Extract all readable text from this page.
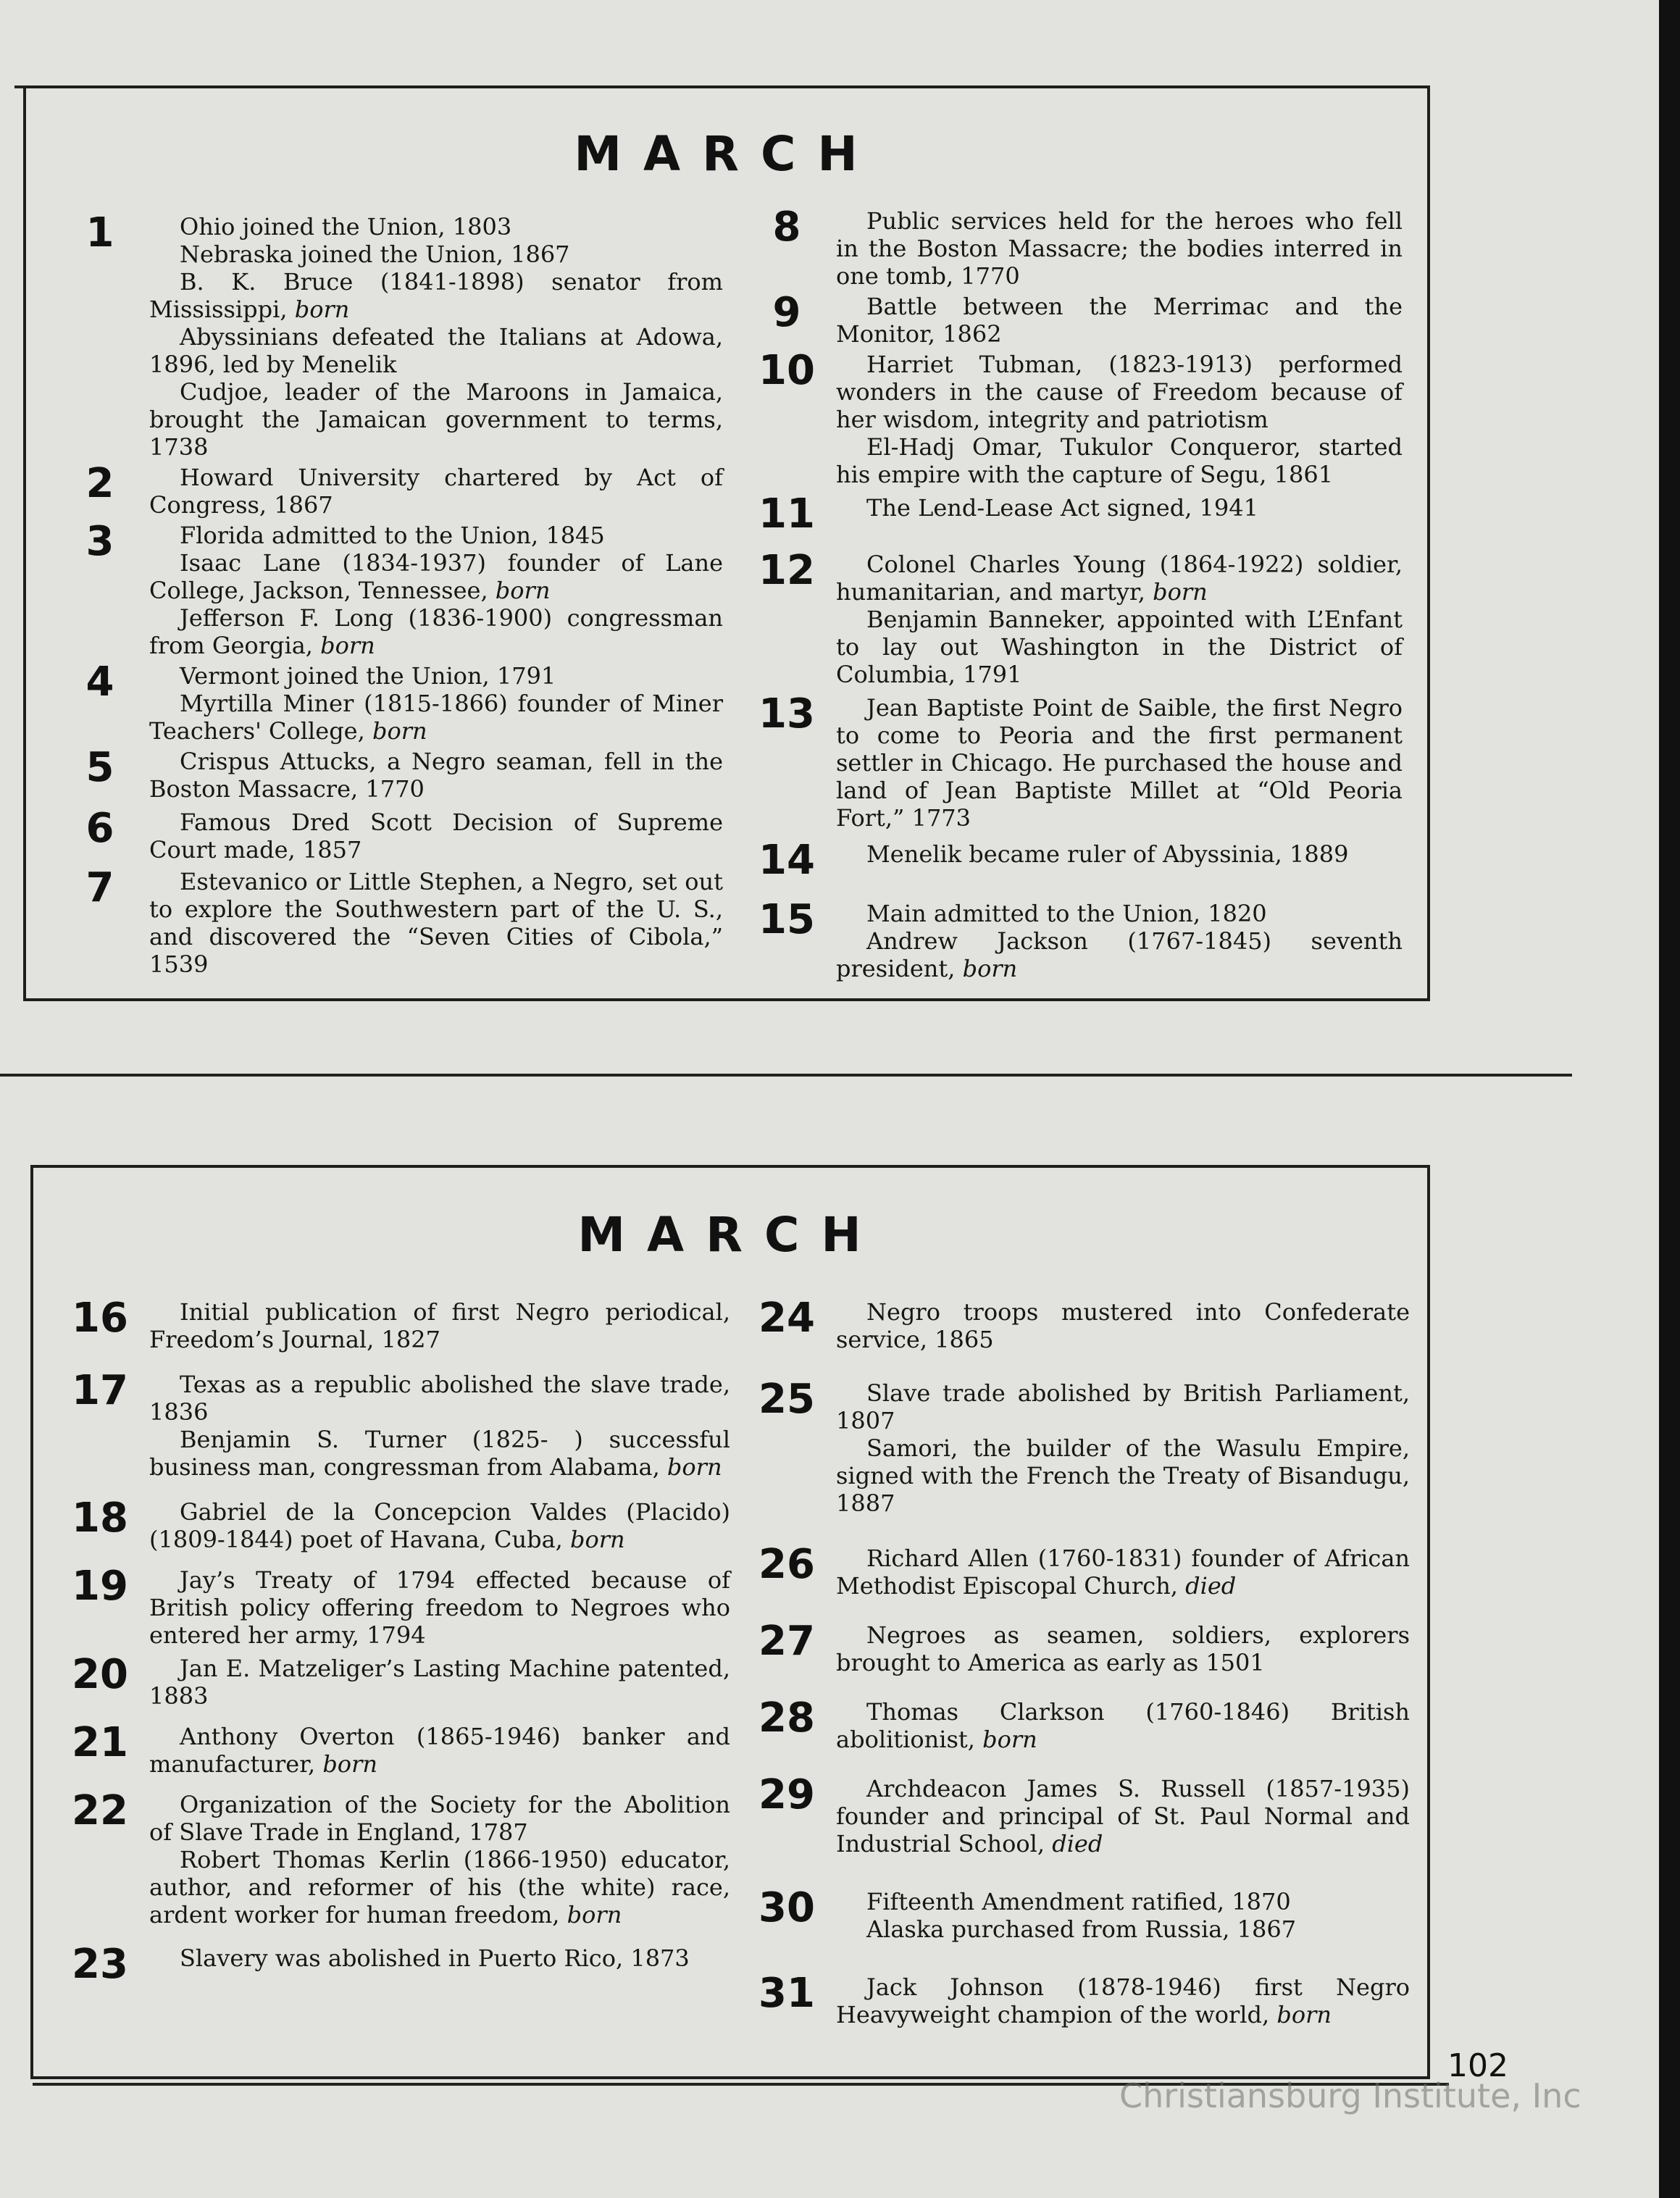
MARCH
1	Ohio joined the Union, 1803

Nebraska joined the Union, 1867

B. K. Bruce (1841-1898) senator from Mississippi, born

Abyssinians defeated the Italians at Adowa, 1896, led by Menelik

Cudjoe, leader of the Maroons in Jamaica, brought the Jamaican government to terms, 1738

2	Howard University chartered by Act of Congress, 1867

3	Florida admitted to the Union, 1845

Isaac Lane (1834-1937) founder of Lane College, Jackson, Tennessee, born

Jefferson F. Long (1836-1900) congressman from Georgia, born

4	Vermont joined the Union, 1791

Myrtilla Miner (1815-1866) founder of Miner Teachers' College, born

5	Crispus Attucks, a Negro seaman, fell in the Boston Massacre, 1770

6	Famous Dred Scott Decision of Supreme Court made, 1857

7	Estevanico or Little Stephen, a Negro, set out to explore the Southwestern part of the U. S., and discovered the “Seven Cities of Cibola,” 1539

8	Public services held for the heroes who fell in the Boston Massacre; the bodies interred in one tomb, 1770

9	Battle between the Merrimac and the Monitor, 1862

10	Harriet Tubman, (1823-1913) performed wonders in the cause of Freedom because of her wisdom, integrity and patriotism

El-Hadj Omar, Tukulor Conqueror, started his empire with the capture of Segu, 1861

11	The Lend-Lease Act signed, 1941

12	Colonel Charles Young (1864-1922) soldier, humanitarian, and martyr, born

Benjamin Banneker, appointed with L’Enfant to lay out Washington in the District of Columbia, 1791

13	Jean Baptiste Point de Saible, the first Negro to come to Peoria and the first permanent settler in Chicago. He purchased the house and land of Jean Baptiste Millet at “Old Peoria Fort,” 1773

14	Menelik became ruler of Abyssinia, 1889

15	Main admitted to the Union, 1820

Andrew Jackson (1767-1845) seventh president, born

MARCH
16	Initial publication of first Negro periodical, Freedom’s Journal, 1827

17	Texas as a republic abolished the slave trade, 1836

Benjamin S. Turner (1825- ) successful business man, congressman from Alabama, born

18	Gabriel de la Concepcion Valdes (Placido) (1809-1844) poet of Havana, Cuba, born

19	Jay’s Treaty of 1794 effected because of British policy offering freedom to Negroes who entered her army, 1794

20	Jan E. Matzeliger’s Lasting Machine patented, 1883

21	Anthony Overton (1865-1946) banker and manufacturer, born

22	Organization of the Society for the Abolition of Slave Trade in England, 1787

Robert Thomas Kerlin (1866-1950) educator, author, and reformer of his (the white) race, ardent worker for human freedom, born

23	Slavery was abolished in Puerto Rico, 1873

24	Negro troops mustered into Confederate service, 1865

25	Slave trade abolished by British Parliament, 1807

Samori, the builder of the Wasulu Empire, signed with the French the Treaty of Bisandugu, 1887

26	Richard Allen (1760-1831) founder of African Methodist Episcopal Church, died

27	Negroes as seamen, soldiers, explorers brought to America as early as 1501

28	Thomas Clarkson (1760-1846) British abolitionist, born

29	Archdeacon James S. Russell (1857-1935) founder and principal of St. Paul Normal and Industrial School, died

30	Fifteenth Amendment ratified, 1870

Alaska purchased from Russia, 1867

31	Jack Johnson (1878-1946) first Negro Heavyweight champion of the world, born

102
Christiansburg Institute, Inc
